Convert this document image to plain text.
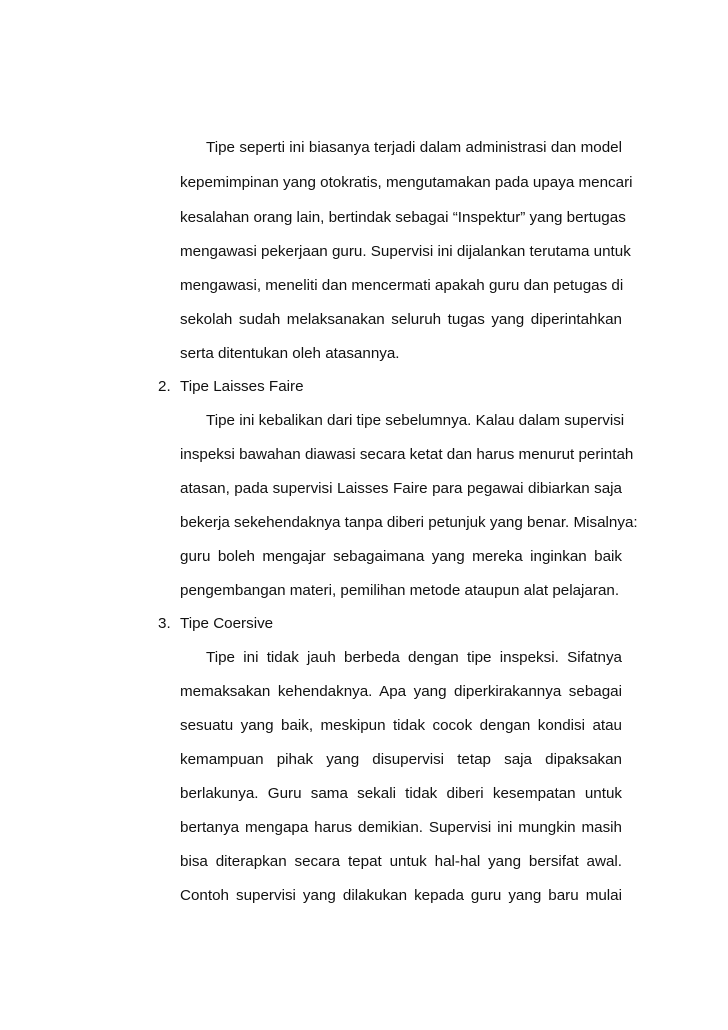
Tipe seperti ini biasanya terjadi dalam administrasi dan model

kepemimpinan yang otokratis, mengutamakan pada upaya mencari

kesalahan orang lain, bertindak sebagai “Inspektur” yang bertugas

mengawasi pekerjaan guru. Supervisi ini dijalankan terutama untuk

mengawasi, meneliti dan mencermati apakah guru dan petugas di

sekolah sudah melaksanakan seluruh tugas yang diperintahkan

serta ditentukan oleh atasannya.

2. Tipe Laisses Faire

Tipe ini kebalikan dari tipe sebelumnya. Kalau dalam supervisi

inspeksi bawahan diawasi secara ketat dan harus menurut perintah

atasan, pada supervisi Laisses Faire para pegawai dibiarkan saja

bekerja sekehendaknya tanpa diberi petunjuk yang benar. Misalnya:

guru boleh mengajar sebagaimana yang mereka inginkan baik

pengembangan materi, pemilihan metode ataupun alat pelajaran.

3. Tipe Coersive

Tipe ini tidak jauh berbeda dengan tipe inspeksi. Sifatnya

memaksakan kehendaknya. Apa yang diperkirakannya sebagai

sesuatu yang baik, meskipun tidak cocok dengan kondisi atau

kemampuan pihak yang disupervisi tetap saja dipaksakan

berlakunya. Guru sama sekali tidak diberi kesempatan untuk

bertanya mengapa harus demikian. Supervisi ini mungkin masih

bisa diterapkan secara tepat untuk hal-hal yang bersifat awal.

Contoh supervisi yang dilakukan kepada guru yang baru mulai
